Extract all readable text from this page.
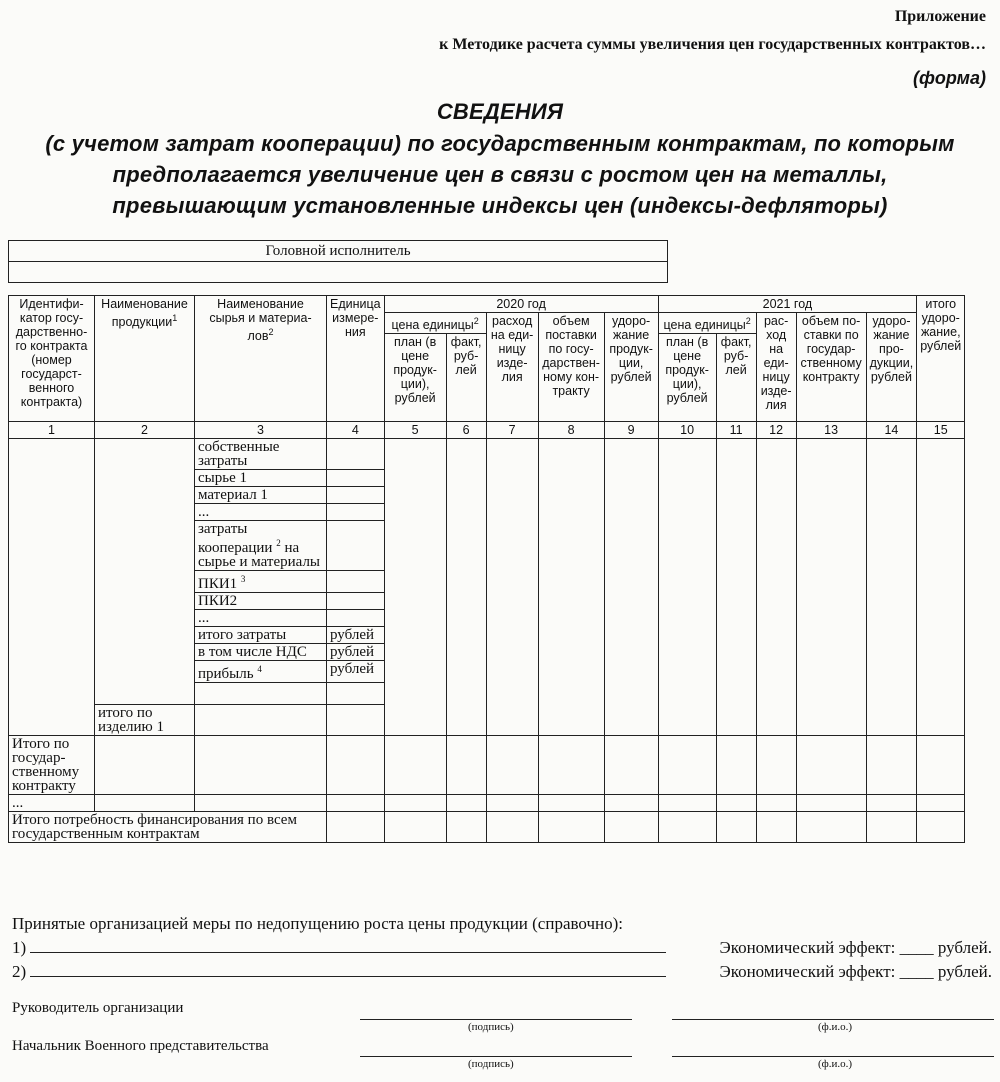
Приложение
к Методике расчета суммы увеличения цен государственных контрактов…
(форма)
СВЕДЕНИЯ
(с учетом затрат кооперации) по государственным контрактам, по которым
предполагается увеличение цен в связи с ростом цен на металлы,
превышающим установленные индексы цен (индексы-дефляторы)
Головной исполнитель

Идентифи- катор госу- дарственно- го контракта (номер государст- венного контракта)	Наименование продукции$^1$	Наименование сырья и материа- лов$^2$	Единица измере- ния	2020 год					2021 год					итого удоро- жание, рублей
				цена единицы$^2$		расход на еди- ницу изде- лия	объем поставки по госу- дарствен- ному кон- тракту	удоро- жание продук- ции, рублей	цена единицы$^2$		рас- ход на еди- ницу изде- лия	объем по- ставки по государ- ственному контракту	удоро- жание про- дукции, рублей	
				план (в цене продук- ции), рублей	факт, руб- лей				план (в цене продук- ции), рублей	факт, руб- лей				
1	2	3	4	5	6	7	8	9	10	11	12	13	14	15
		собственные затраты												
		сырье 1												
		материал 1												
		...												
		затраты кооперации $^2$ на сырье и материалы												
		ПКИ1 $^3$	
		ПКИ2												
		...												
		итого затраты	рублей											
		в том числе НДС	рублей											
		прибыль $^4$	рублей											

	итого по изделию 1													
Итого по государ- ственному контракту														
...														
Итого потребность финансирования по всем государственным контрактам														
Принятые организацией меры по недопущению роста цены продукции (справочно):
1)	Экономический эффект: ____ рублей.
2)	Экономический эффект: ____ рублей.
Руководитель организации
(подпись)	(ф.и.о.)
Начальник Военного представительства
(подпись)	(ф.и.о.)
